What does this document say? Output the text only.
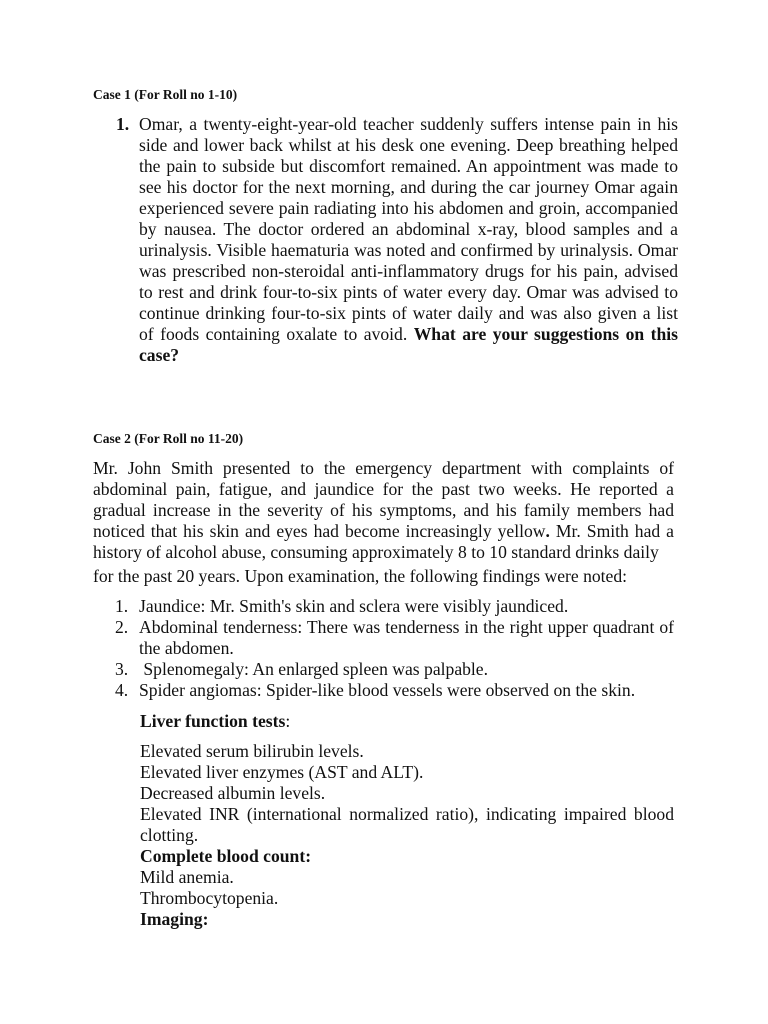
Case 1 (For Roll no 1-10)
1. Omar, a twenty-eight-year-old teacher suddenly suffers intense pain in his side and lower back whilst at his desk one evening. Deep breathing helped the pain to subside but discomfort remained. An appointment was made to see his doctor for the next morning, and during the car journey Omar again experienced severe pain radiating into his abdomen and groin, accompanied by nausea. The doctor ordered an abdominal x-ray, blood samples and a urinalysis. Visible haematuria was noted and confirmed by urinalysis. Omar was prescribed non-steroidal anti-inflammatory drugs for his pain, advised to rest and drink four-to-six pints of water every day. Omar was advised to continue drinking four-to-six pints of water daily and was also given a list of foods containing oxalate to avoid. What are your suggestions on this case?
Case 2 (For Roll no 11-20)

Mr. John Smith presented to the emergency department with complaints of abdominal pain, fatigue, and jaundice for the past two weeks. He reported a gradual increase in the severity of his symptoms, and his family members had noticed that his skin and eyes had become increasingly yellow. Mr. Smith had a history of alcohol abuse, consuming approximately 8 to 10 standard drinks daily
for the past 20 years. Upon examination, the following findings were noted:

1. Jaundice: Mr. Smith's skin and sclera were visibly jaundiced.
2. Abdominal tenderness: There was tenderness in the right upper quadrant of the abdomen.
3. Splenomegaly: An enlarged spleen was palpable.
4. Spider angiomas: Spider-like blood vessels were observed on the skin.

Liver function tests:

Elevated serum bilirubin levels.

Elevated liver enzymes (AST and ALT).

Decreased albumin levels.

Elevated INR (international normalized ratio), indicating impaired blood clotting.

Complete blood count:

Mild anemia.

Thrombocytopenia.

Imaging:
